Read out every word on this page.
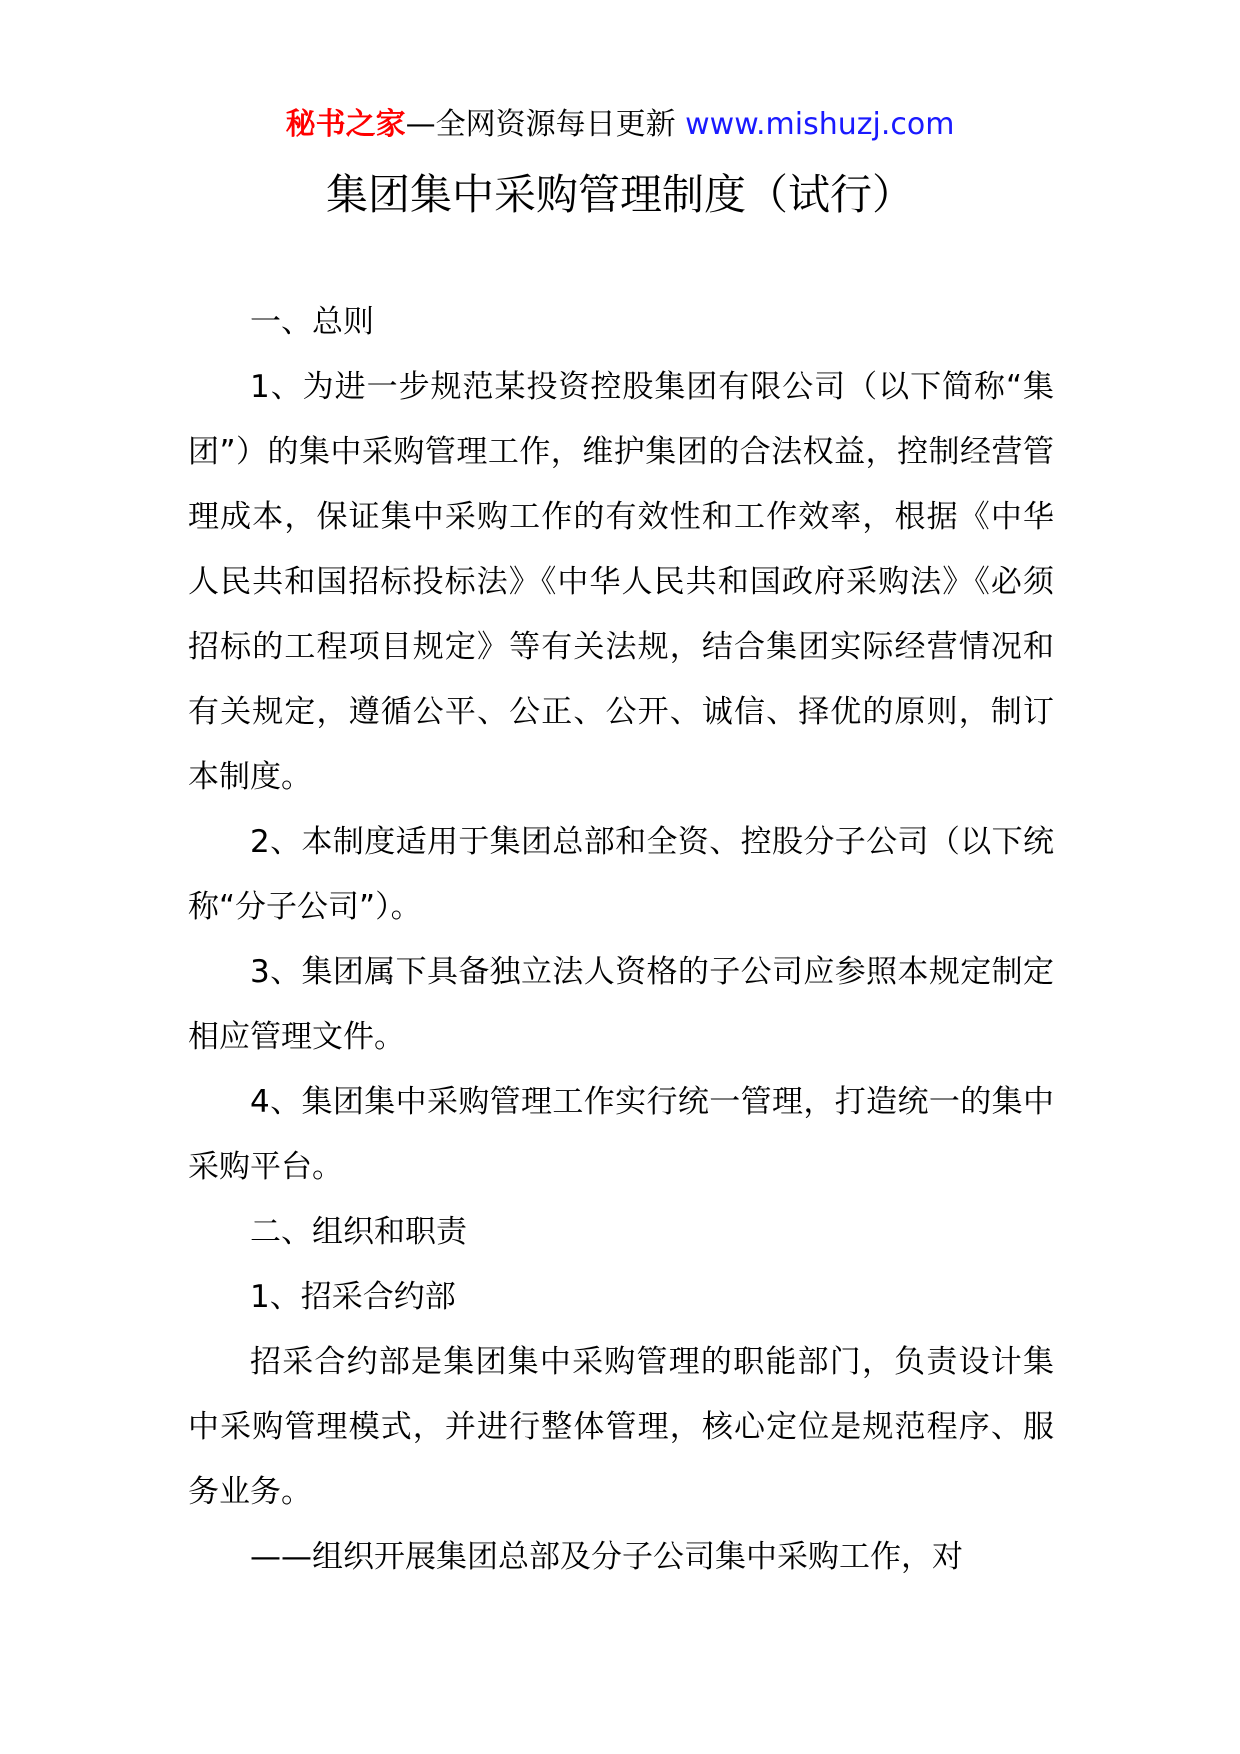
秘书之家—全网资源每日更新 www.mishuzj.com
集团集中采购管理制度（试行）

一、总则

1、为进一步规范某投资控股集团有限公司（以下简称“集团”）的集中采购管理工作，维护集团的合法权益，控制经营管理成本，保证集中采购工作的有效性和工作效率，根据《中华人民共和国招标投标法》《中华人民共和国政府采购法》《必须招标的工程项目规定》等有关法规，结合集团实际经营情况和有关规定，遵循公平、公正、公开、诚信、择优的原则，制订本制度。

2、本制度适用于集团总部和全资、控股分子公司（以下统称“分子公司”）。

3、集团属下具备独立法人资格的子公司应参照本规定制定相应管理文件。

4、集团集中采购管理工作实行统一管理，打造统一的集中采购平台。

二、组织和职责

1、招采合约部

招采合约部是集团集中采购管理的职能部门，负责设计集中采购管理模式，并进行整体管理，核心定位是规范程序、服务业务。

——组织开展集团总部及分子公司集中采购工作，对
